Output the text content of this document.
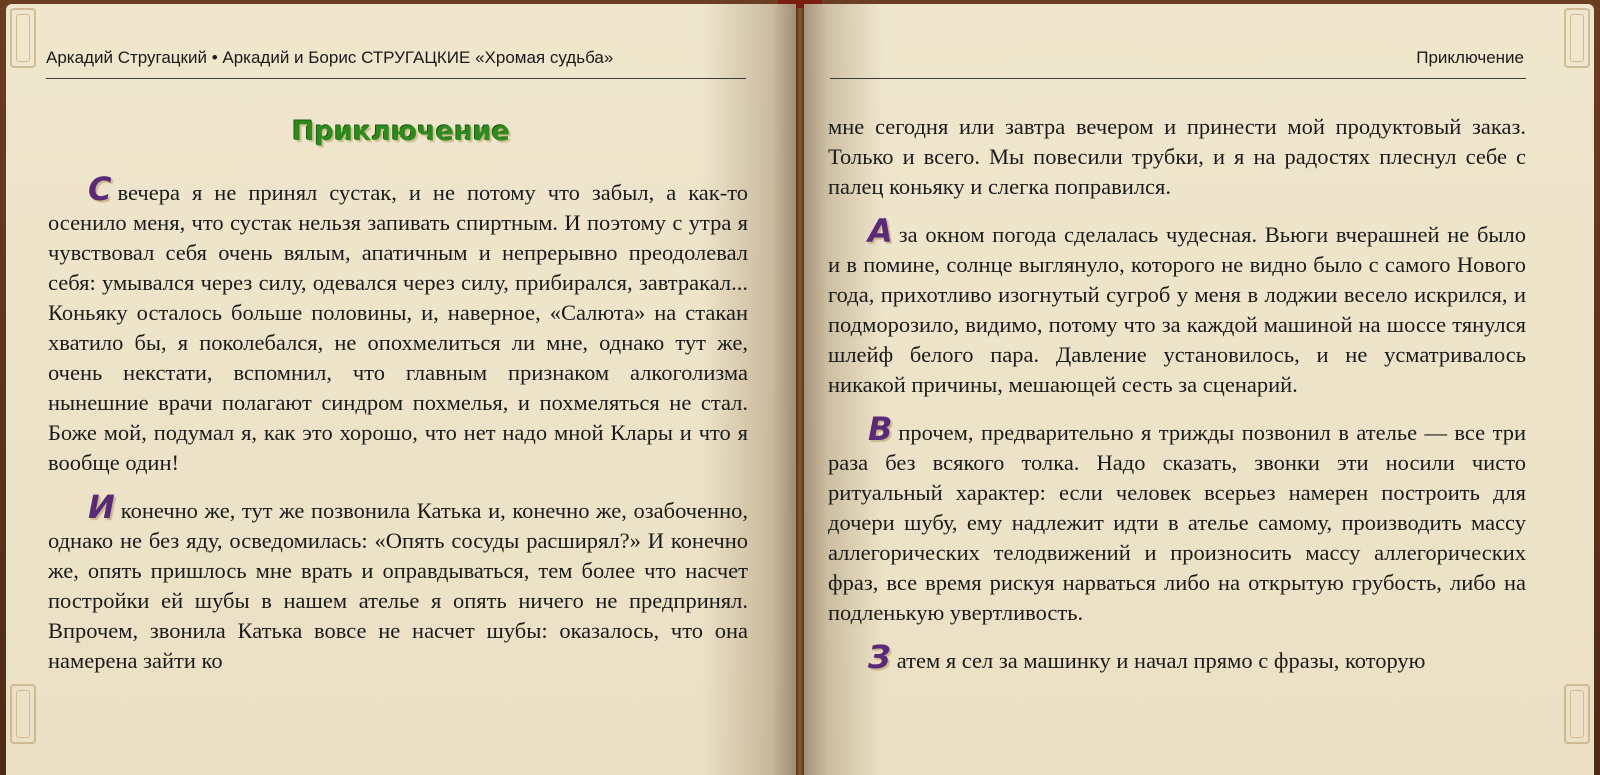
Аркадий Стругацкий • Аркадий и Борис СТРУГАЦКИЕ «Хромая судьба»
Приключение

С вечера я не принял сустак, и не потому что забыл, а как-то осенило меня, что сустак нельзя запивать спиртным. И поэтому с утра я чувствовал себя очень вялым, апатичным и непрерывно преодолевал себя: умывался через силу, одевался через силу, прибирался, завтракал... Коньяку осталось больше половины, и, наверное, «Салюта» на стакан хватило бы, я поколебался, не опохмелиться ли мне, однако тут же, очень некстати, вспомнил, что главным признаком алкоголизма нынешние врачи полагают синдром похмелья, и похмеляться не стал. Боже мой, подумал я, как это хорошо, что нет надо мной Клары и что я вообще один!

И конечно же, тут же позвонила Катька и, конечно же, озабоченно, однако не без яду, осведомилась: «Опять сосуды расширял?» И конечно же, опять пришлось мне врать и оправдываться, тем более что насчет постройки ей шубы в нашем ателье я опять ничего не предпринял. Впрочем, звонила Катька вовсе не насчет шубы: оказалось, что она намерена зайти ко

Приключение

мне сегодня или завтра вечером и принести мой продуктовый заказ. Только и всего. Мы повесили трубки, и я на радостях плеснул себе с палец коньяку и слегка поправился.

А за окном погода сделалась чудесная. Вьюги вчерашней не было и в помине, солнце выглянуло, которого не видно было с самого Нового года, прихотливо изогнутый сугроб у меня в лоджии весело искрился, и подморозило, видимо, потому что за каждой машиной на шоссе тянулся шлейф белого пара. Давление установилось, и не усматривалось никакой причины, мешающей сесть за сценарий.

В прочем, предварительно я трижды позвонил в ателье — все три раза без всякого толка. Надо сказать, звонки эти носили чисто ритуальный характер: если человек всерьез намерен построить для дочери шубу, ему надлежит идти в ателье самому, производить массу аллегорических телодвижений и произносить массу аллегорических фраз, все время рискуя нарваться либо на открытую грубость, либо на подленькую увертливость.

З атем я сел за машинку и начал прямо с фразы, которую
